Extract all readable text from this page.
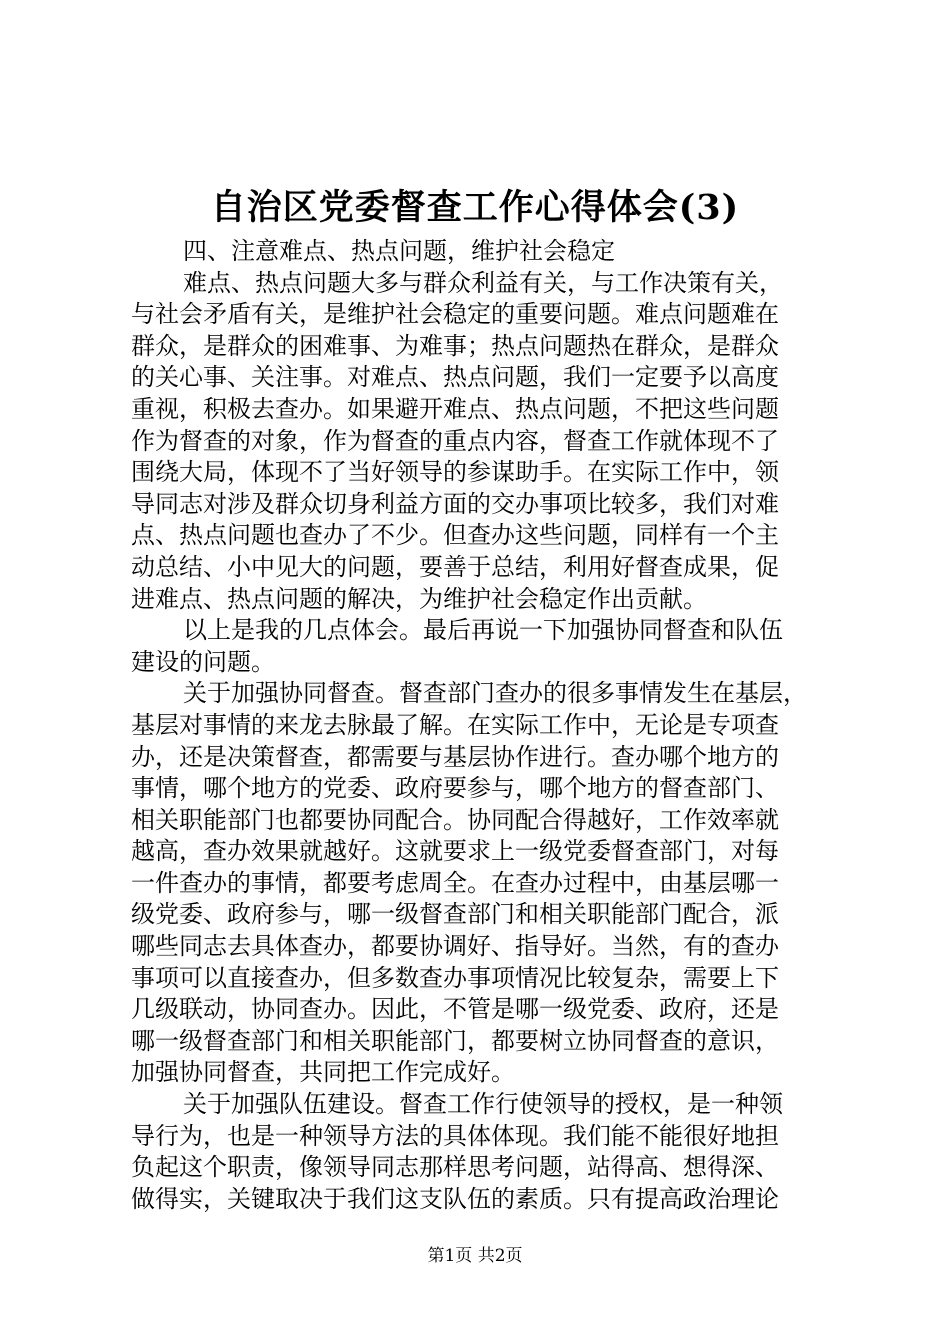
自治区党委督查工作心得体会(3)
四、注意难点、热点问题，维护社会稳定
难点、热点问题大多与群众利益有关，与工作决策有关，
与社会矛盾有关，是维护社会稳定的重要问题。难点问题难在
群众，是群众的困难事、为难事；热点问题热在群众，是群众
的关心事、关注事。对难点、热点问题，我们一定要予以高度
重视，积极去查办。如果避开难点、热点问题，不把这些问题
作为督查的对象，作为督查的重点内容，督查工作就体现不了
围绕大局，体现不了当好领导的参谋助手。在实际工作中，领
导同志对涉及群众切身利益方面的交办事项比较多，我们对难
点、热点问题也查办了不少。但查办这些问题，同样有一个主
动总结、小中见大的问题，要善于总结，利用好督查成果，促
进难点、热点问题的解决，为维护社会稳定作出贡献。
以上是我的几点体会。最后再说一下加强协同督查和队伍
建设的问题。
关于加强协同督查。督查部门查办的很多事情发生在基层，
基层对事情的来龙去脉最了解。在实际工作中，无论是专项查
办，还是决策督查，都需要与基层协作进行。查办哪个地方的
事情，哪个地方的党委、政府要参与，哪个地方的督查部门、
相关职能部门也都要协同配合。协同配合得越好，工作效率就
越高，查办效果就越好。这就要求上一级党委督查部门，对每
一件查办的事情，都要考虑周全。在查办过程中，由基层哪一
级党委、政府参与，哪一级督查部门和相关职能部门配合，派
哪些同志去具体查办，都要协调好、指导好。当然，有的查办
事项可以直接查办，但多数查办事项情况比较复杂，需要上下
几级联动，协同查办。因此，不管是哪一级党委、政府，还是
哪一级督查部门和相关职能部门，都要树立协同督查的意识，
加强协同督查，共同把工作完成好。
关于加强队伍建设。督查工作行使领导的授权，是一种领
导行为，也是一种领导方法的具体体现。我们能不能很好地担
负起这个职责，像领导同志那样思考问题，站得高、想得深、
做得实，关键取决于我们这支队伍的素质。只有提高政治理论
第1页 共2页
